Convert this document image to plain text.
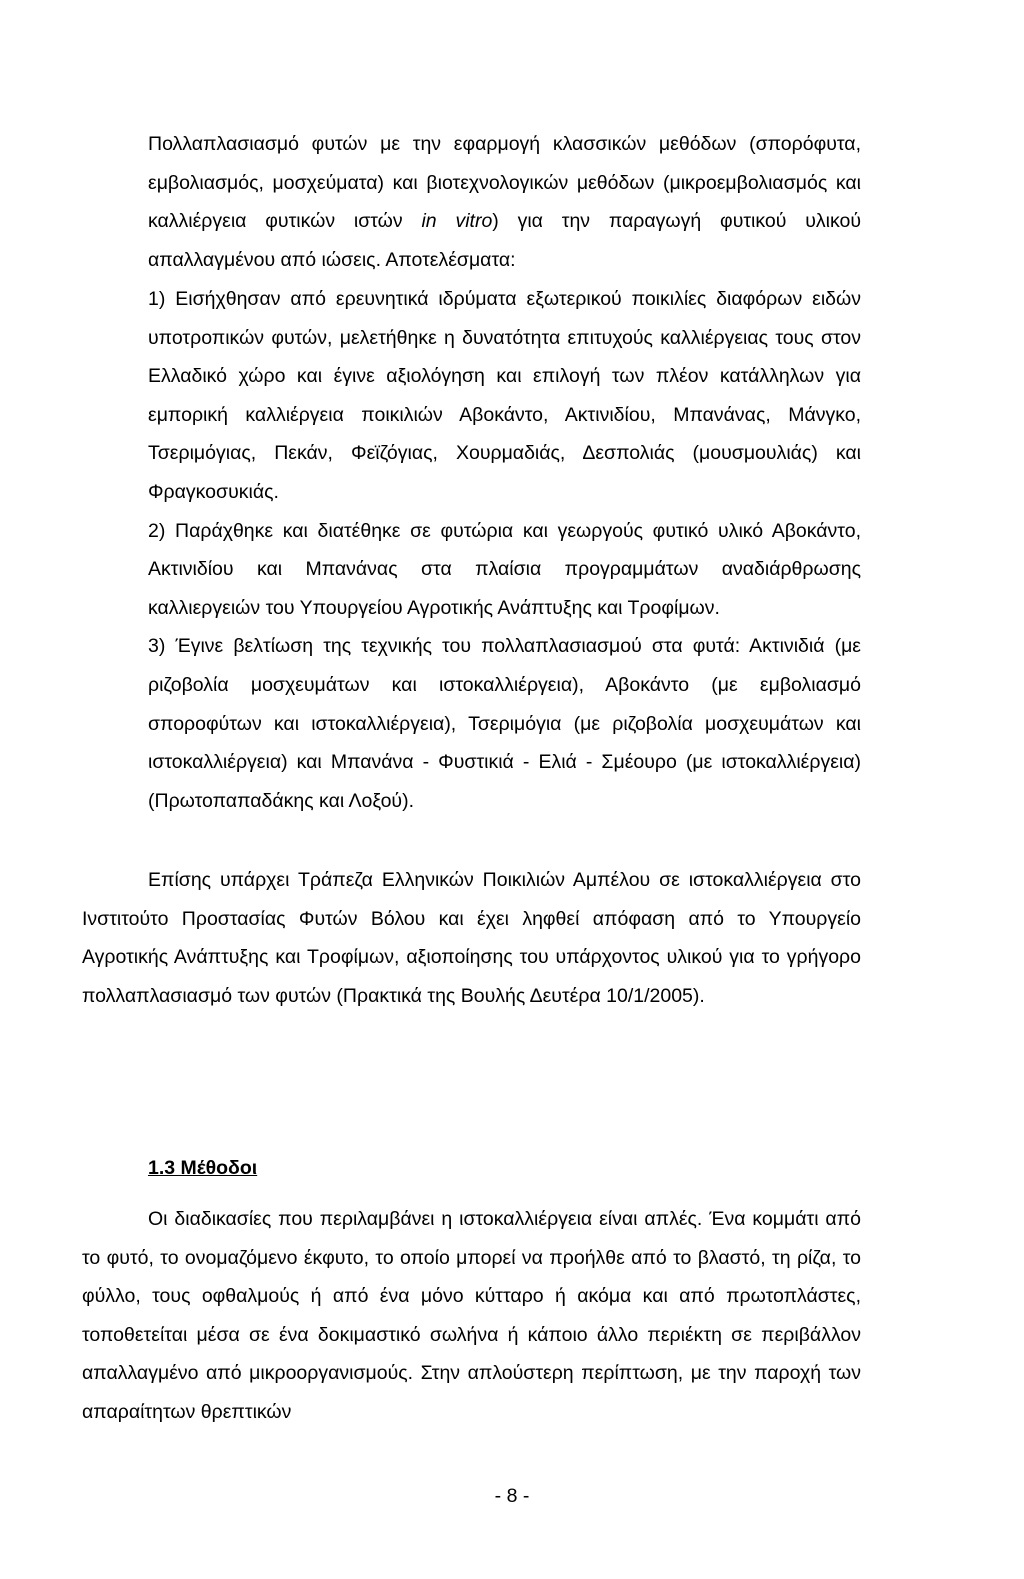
Πολλαπλασιασμό φυτών με την εφαρμογή κλασσικών μεθόδων (σπορόφυτα, εμβολιασμός, μοσχεύματα) και βιοτεχνολογικών μεθόδων (μικροεμβολιασμός και καλλιέργεια φυτικών ιστών in vitro) για την παραγωγή φυτικού υλικού απαλλαγμένου από ιώσεις. Αποτελέσματα:

1) Εισήχθησαν από ερευνητικά ιδρύματα εξωτερικού ποικιλίες διαφόρων ειδών υποτροπικών φυτών, μελετήθηκε η δυνατότητα επιτυχούς καλλιέργειας τους στον Ελλαδικό χώρο και έγινε αξιολόγηση και επιλογή των πλέον κατάλληλων για εμπορική καλλιέργεια ποικιλιών Αβοκάντο, Ακτινιδίου, Μπανάνας, Μάνγκο, Τσεριμόγιας, Πεκάν, Φεϊζόγιας, Χουρμαδιάς, Δεσπολιάς (μουσμουλιάς) και Φραγκοσυκιάς.

2) Παράχθηκε και διατέθηκε σε φυτώρια και γεωργούς φυτικό υλικό Αβοκάντο, Ακτινιδίου και Μπανάνας στα πλαίσια προγραμμάτων αναδιάρθρωσης καλλιεργειών του Υπουργείου Αγροτικής Ανάπτυξης και Τροφίμων.

3) Έγινε βελτίωση της τεχνικής του πολλαπλασιασμού στα φυτά: Ακτινιδιά (με ριζοβολία μοσχευμάτων και ιστοκαλλιέργεια), Αβοκάντο (με εμβολιασμό σποροφύτων και ιστοκαλλιέργεια), Τσεριμόγια (με ριζοβολία μοσχευμάτων και ιστοκαλλιέργεια) και Μπανάνα - Φυστικιά - Ελιά - Σμέουρο (με ιστοκαλλιέργεια) (Πρωτοπαπαδάκης και Λοξού).

Επίσης υπάρχει Τράπεζα Ελληνικών Ποικιλιών Αμπέλου σε ιστοκαλλιέργεια στο Ινστιτούτο Προστασίας Φυτών Βόλου και έχει ληφθεί απόφαση από το Υπουργείο Αγροτικής Ανάπτυξης και Τροφίμων, αξιοποίησης του υπάρχοντος υλικού για το γρήγορο πολλαπλασιασμό των φυτών (Πρακτικά της Βουλής Δευτέρα 10/1/2005).

1.3 Μέθοδοι

Οι διαδικασίες που περιλαμβάνει η ιστοκαλλιέργεια είναι απλές. Ένα κομμάτι από το φυτό, το ονομαζόμενο έκφυτο, το οποίο μπορεί να προήλθε από το βλαστό, τη ρίζα, το φύλλο, τους οφθαλμούς ή από ένα μόνο κύτταρο ή ακόμα και από πρωτοπλάστες, τοποθετείται μέσα σε ένα δοκιμαστικό σωλήνα ή κάποιο άλλο περιέκτη σε περιβάλλον απαλλαγμένο από μικροοργανισμούς. Στην απλούστερη περίπτωση, με την παροχή των απαραίτητων θρεπτικών

- 8 -
